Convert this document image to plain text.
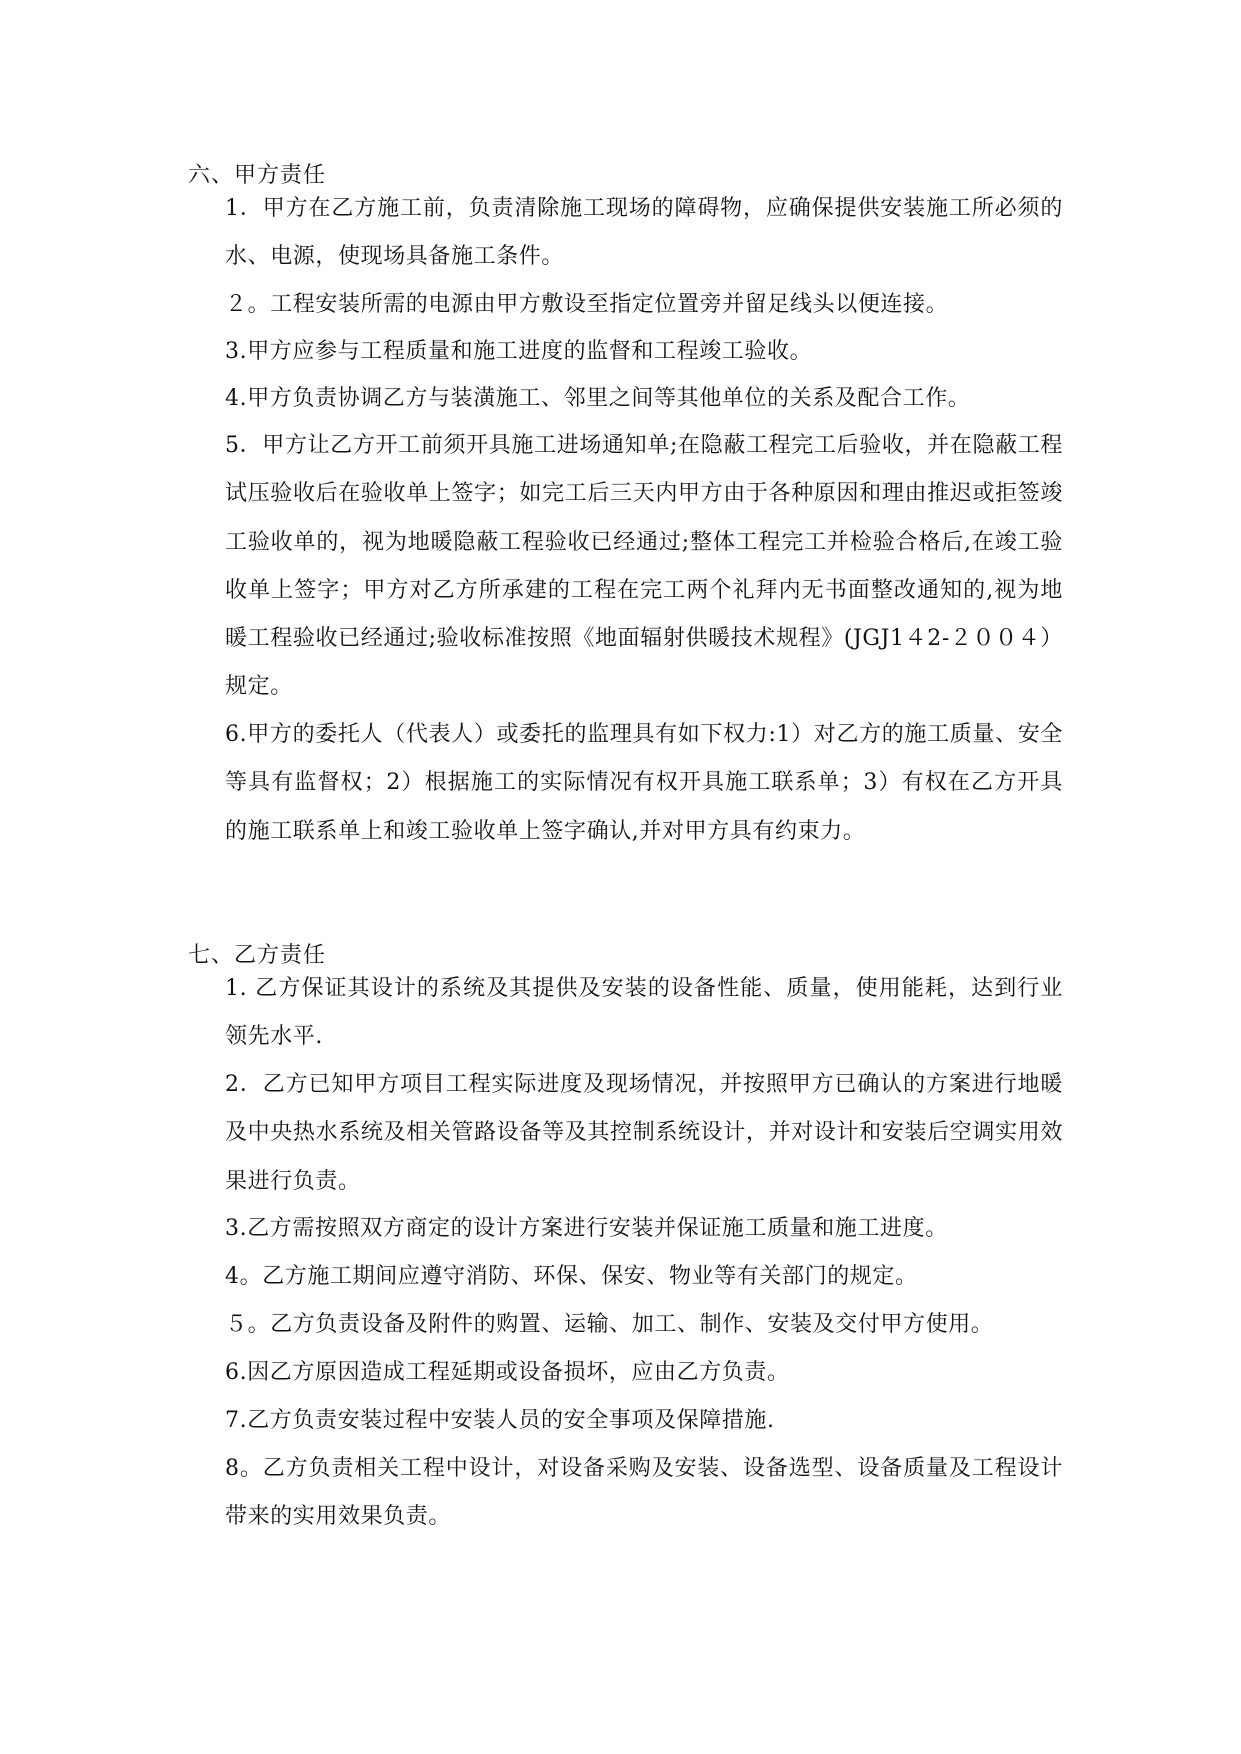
六、甲方责任

1．甲方在乙方施工前，负责清除施工现场的障碍物，应确保提供安装施工所必须的水、电源，使现场具备施工条件。

２。工程安装所需的电源由甲方敷设至指定位置旁并留足线头以便连接。

3.甲方应参与工程质量和施工进度的监督和工程竣工验收。

4.甲方负责协调乙方与装潢施工、邻里之间等其他单位的关系及配合工作。

5．甲方让乙方开工前须开具施工进场通知单;在隐蔽工程完工后验收，并在隐蔽工程试压验收后在验收单上签字；如完工后三天内甲方由于各种原因和理由推迟或拒签竣工验收单的，视为地暖隐蔽工程验收已经通过;整体工程完工并检验合格后,在竣工验收单上签字；甲方对乙方所承建的工程在完工两个礼拜内无书面整改通知的,视为地暖工程验收已经通过;验收标准按照《地面辐射供暖技术规程》(JGJ1４2-２００４）规定。

6.甲方的委托人（代表人）或委托的监理具有如下权力:1）对乙方的施工质量、安全等具有监督权；2）根据施工的实际情况有权开具施工联系单；3）有权在乙方开具的施工联系单上和竣工验收单上签字确认,并对甲方具有约束力。

七、乙方责任

1. 乙方保证其设计的系统及其提供及安装的设备性能、质量，使用能耗，达到行业领先水平.

2．乙方已知甲方项目工程实际进度及现场情况，并按照甲方已确认的方案进行地暖及中央热水系统及相关管路设备等及其控制系统设计，并对设计和安装后空调实用效果进行负责。

3.乙方需按照双方商定的设计方案进行安装并保证施工质量和施工进度。

4。乙方施工期间应遵守消防、环保、保安、物业等有关部门的规定。

５。乙方负责设备及附件的购置、运输、加工、制作、安装及交付甲方使用。

6.因乙方原因造成工程延期或设备损坏，应由乙方负责。

7.乙方负责安装过程中安装人员的安全事项及保障措施.

8。乙方负责相关工程中设计，对设备采购及安装、设备选型、设备质量及工程设计带来的实用效果负责。
